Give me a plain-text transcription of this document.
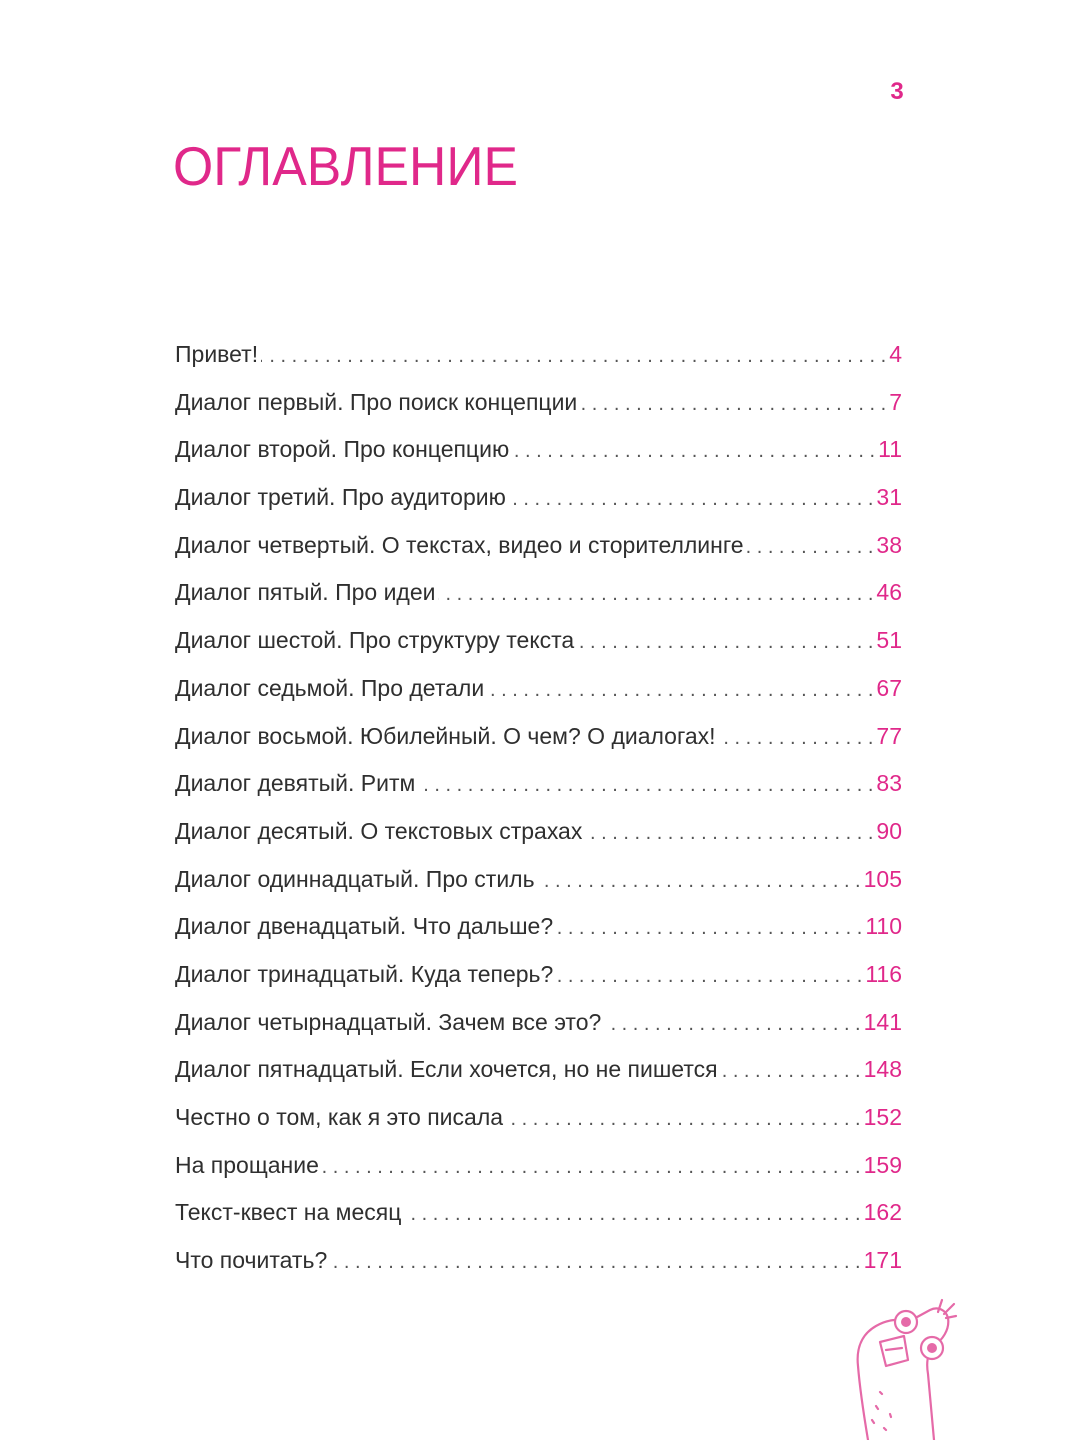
3
ОГЛАВЛЕНИЕ
Привет! . . .	4
Диалог первый. Про поиск концепции . . .	7
Диалог второй. Про концепцию . . .	11
Диалог третий. Про аудиторию . . .	31
Диалог четвертый. О текстах, видео и сторителлинге . . .	38
Диалог пятый. Про идеи . . .	46
Диалог шестой. Про структуру текста . . .	51
Диалог седьмой. Про детали . . .	67
Диалог восьмой. Юбилейный. О чем? О диалогах! . . .	77
Диалог девятый. Ритм . . .	83
Диалог десятый. О текстовых страхах . . .	90
Диалог одиннадцатый. Про стиль . . .	105
Диалог двенадцатый. Что дальше? . . .	110
Диалог тринадцатый. Куда теперь? . . .	116
Диалог четырнадцатый. Зачем все это? . . .	141
Диалог пятнадцатый. Если хочется, но не пишется . . .	148
Честно о том, как я это писала . . .	152
На прощание . . .	159
Текст-квест на месяц . . .	162
Что почитать? . . .	171
